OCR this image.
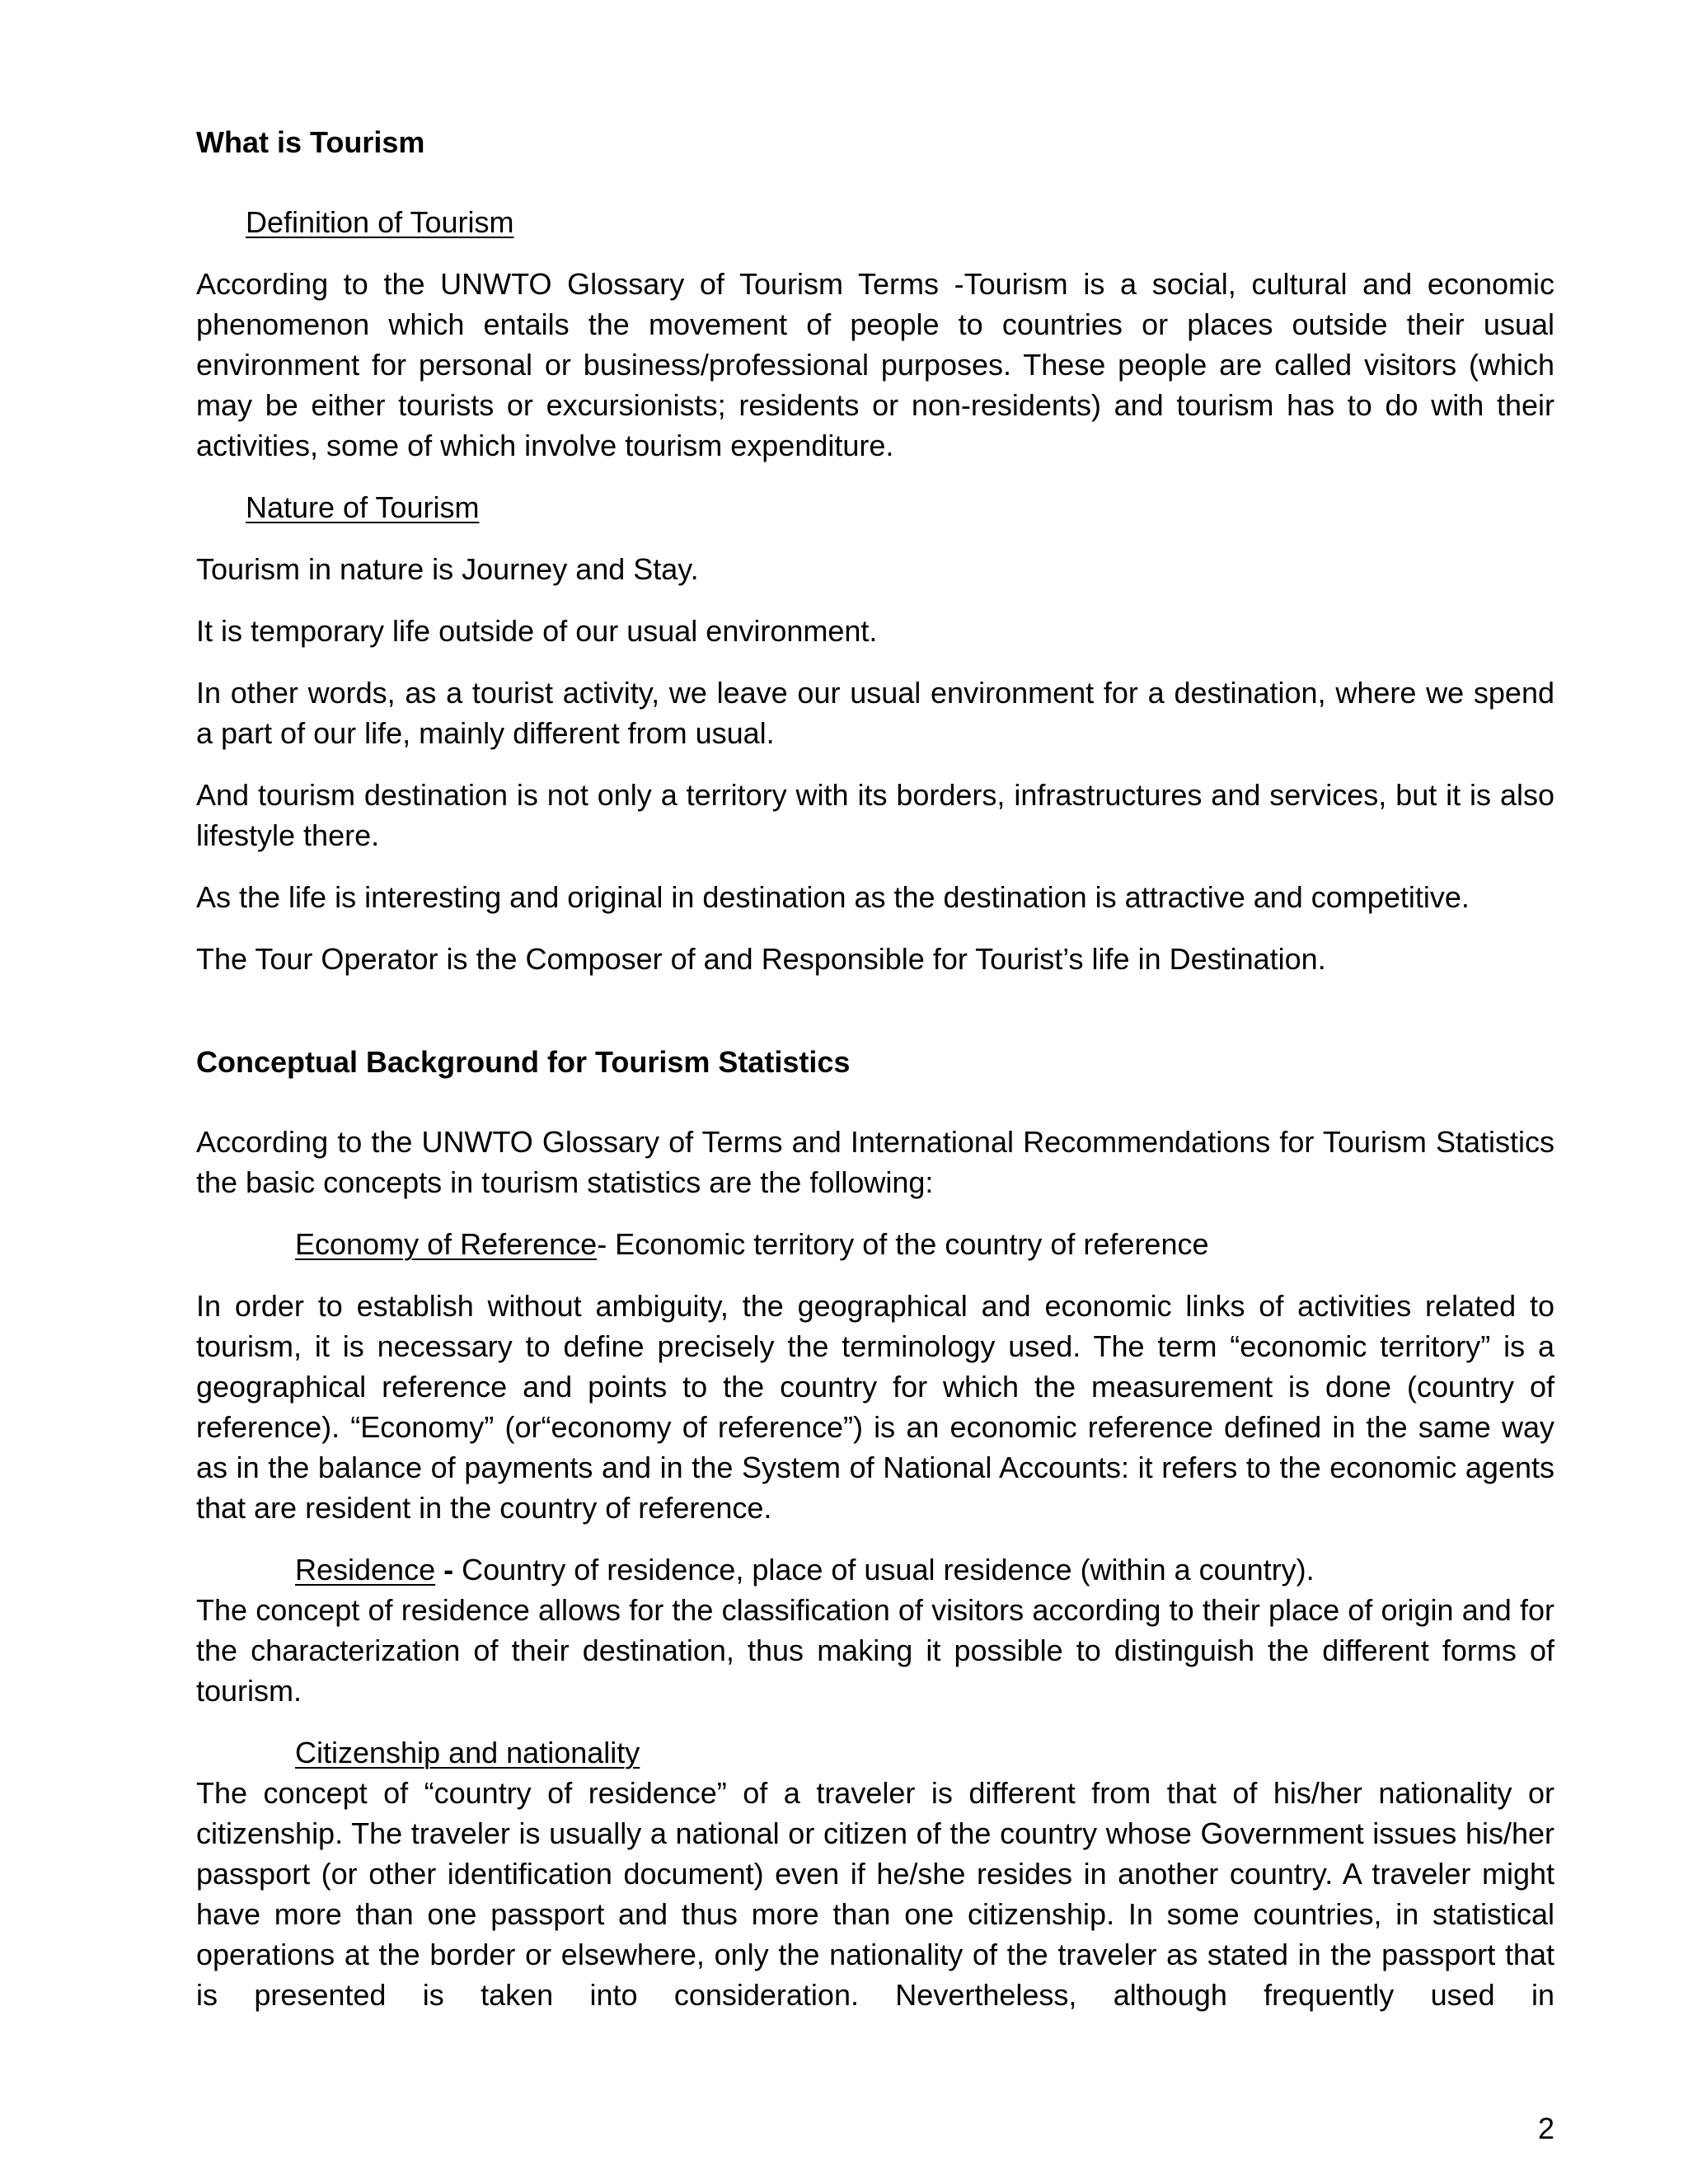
What is Tourism
Definition of Tourism

According to the UNWTO Glossary of Tourism Terms -Tourism is a social, cultural and economic phenomenon which entails the movement of people to countries or places outside their usual environment for personal or business/professional purposes. These people are called visitors (which may be either tourists or excursionists; residents or non-residents) and tourism has to do with their activities, some of which involve tourism expenditure.

Nature of Tourism

Tourism in nature is Journey and Stay.

It is temporary life outside of our usual environment.

In other words, as a tourist activity, we leave our usual environment for a destination, where we spend a part of our life, mainly different from usual.

And tourism destination is not only a territory with its borders, infrastructures and services, but it is also lifestyle there.

As the life is interesting and original in destination as the destination is attractive and competitive.

The Tour Operator is the Composer of and Responsible for Tourist’s life in Destination.

Conceptual Background for Tourism Statistics

According to the UNWTO Glossary of Terms and International Recommendations for Tourism Statistics the basic concepts in tourism statistics are the following:

Economy of Reference- Economic territory of the country of reference

In order to establish without ambiguity, the geographical and economic links of activities related to tourism, it is necessary to define precisely the terminology used. The term “economic territory” is a geographical reference and points to the country for which the measurement is done (country of reference). “Economy” (or“economy of reference”) is an economic reference defined in the same way as in the balance of payments and in the System of National Accounts: it refers to the economic agents that are resident in the country of reference.

Residence - Country of residence, place of usual residence (within a country).

The concept of residence allows for the classification of visitors according to their place of origin and for the characterization of their destination, thus making it possible to distinguish the different forms of tourism.

Citizenship and nationality

The concept of “country of residence” of a traveler is different from that of his/her nationality or citizenship. The traveler is usually a national or citizen of the country whose Government issues his/her passport (or other identification document) even if he/she resides in another country. A traveler might have more than one passport and thus more than one citizenship. In some countries, in statistical operations at the border or elsewhere, only the nationality of the traveler as stated in the passport that is presented is taken into consideration. Nevertheless, although frequently used in

2
